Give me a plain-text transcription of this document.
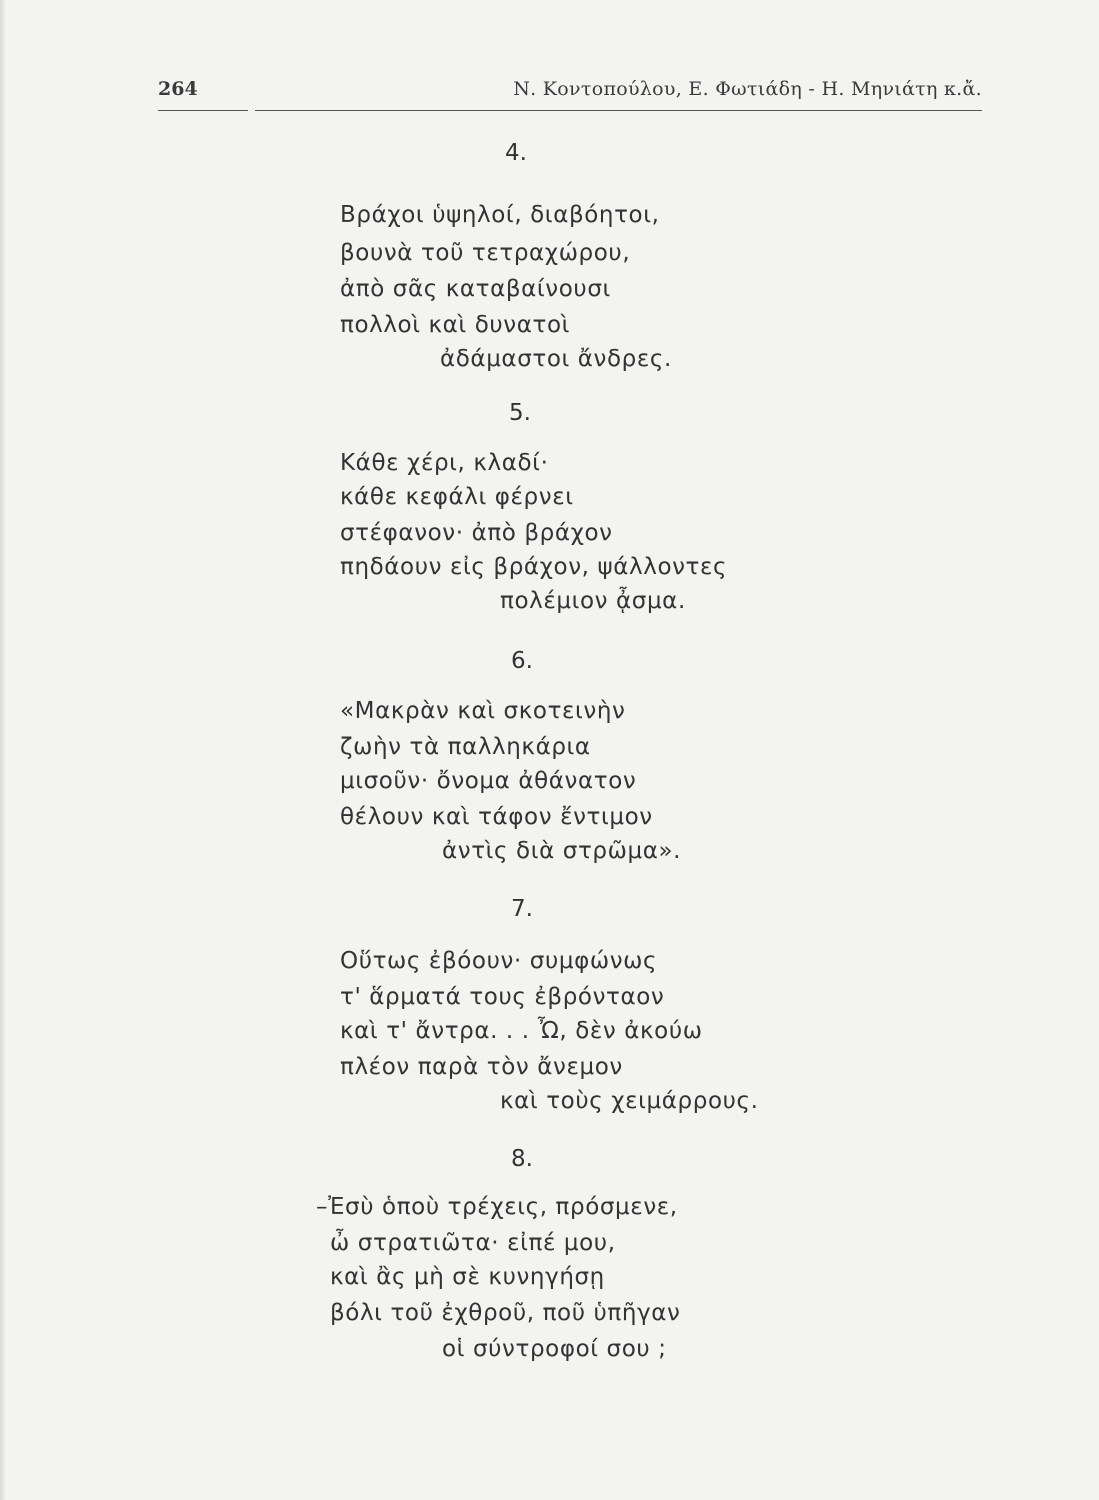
264	Ν. Κοντοπούλου, Ε. Φωτιάδη - Η. Μηνιάτη κ.ἄ.
4.
Βράχοι ὑψηλοί, διαβόητοι,
βουνὰ τοῦ τετραχώρου,
ἀπὸ σᾶς καταβαίνουσι
πολλοὶ καὶ δυνατοὶ
ἀδάμαστοι ἄνδρες.
5.
Κάθε χέρι, κλαδί·
κάθε κεφάλι φέρνει
στέφανον· ἀπὸ βράχον
πηδάουν εἰς βράχον, ψάλλοντες
πολέμιον ᾆσμα.
6.
«Μακρὰν καὶ σκοτεινὴν
ζωὴν τὰ παλληκάρια
μισοῦν· ὄνομα ἀθάνατον
θέλουν καὶ τάφον ἔντιμον
ἀντὶς διὰ στρῶμα».
7.
Οὕτως ἐβόουν· συμφώνως
τ' ἅρματά τους ἐβρόνταον
καὶ τ' ἄντρα. . . Ὦ, δὲν ἀκούω
πλέον παρὰ τὸν ἄνεμον
καὶ τοὺς χειμάρρους.
8.
–Ἐσὺ ὁποὺ τρέχεις, πρόσμενε,
ὦ στρατιῶτα· εἰπέ μου,
καὶ ἂς μὴ σὲ κυνηγήσῃ
βόλι τοῦ ἐχθροῦ, ποῦ ὑπῆγαν
οἱ σύντροφοί σου ;
